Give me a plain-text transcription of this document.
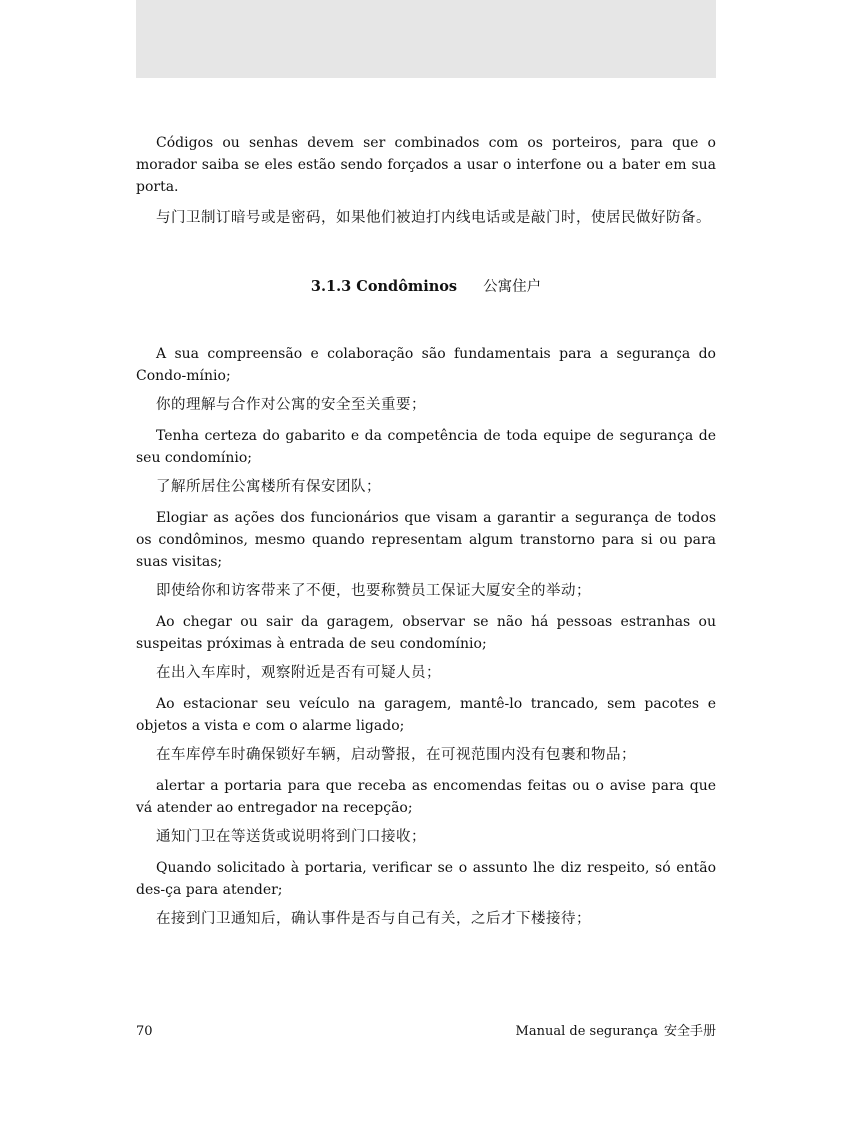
Códigos ou senhas devem ser combinados com os porteiros, para que o morador saiba se eles estão sendo forçados a usar o interfone ou a bater em sua porta.

与门卫制订暗号或是密码，如果他们被迫打内线电话或是敲门时，使居民做好防备。

3.1.3 Condôminos 公寓住户

A sua compreensão e colaboração são fundamentais para a segurança do Condo-mínio;

你的理解与合作对公寓的安全至关重要；

Tenha certeza do gabarito e da competência de toda equipe de segurança de seu condomínio;

了解所居住公寓楼所有保安团队；

Elogiar as ações dos funcionários que visam a garantir a segurança de todos os condôminos, mesmo quando representam algum transtorno para si ou para suas visitas;

即使给你和访客带来了不便，也要称赞员工保证大厦安全的举动；

Ao chegar ou sair da garagem, observar se não há pessoas estranhas ou suspeitas próximas à entrada de seu condomínio;

在出入车库时，观察附近是否有可疑人员；

Ao estacionar seu veículo na garagem, mantê-lo trancado, sem pacotes e objetos a vista e com o alarme ligado;

在车库停车时确保锁好车辆，启动警报，在可视范围内没有包裹和物品；

alertar a portaria para que receba as encomendas feitas ou o avise para que vá atender ao entregador na recepção;

通知门卫在等送货或说明将到门口接收；

Quando solicitado à portaria, verificar se o assunto lhe diz respeito, só então des-ça para atender;

在接到门卫通知后，确认事件是否与自己有关，之后才下楼接待；

70	Manual de segurança 安全手册
